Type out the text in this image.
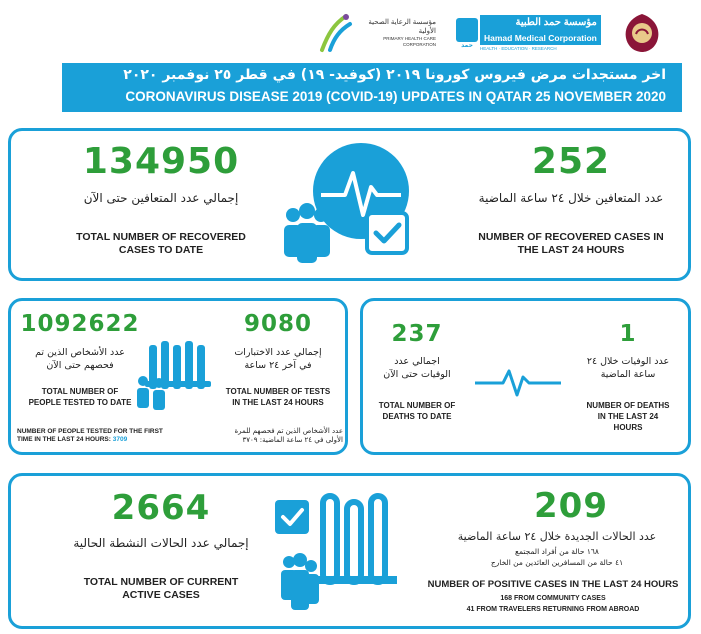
مؤسسة الرعاية الصحية الأولية
PRIMARY HEALTH CARE CORPORATION	حمد
مؤسسة حمد الطبية
Hamad Medical Corporation
HEALTH · EDUCATION · RESEARCH
اخر مستجدات مرض فيروس كورونا ٢٠١٩ (كوفيد- ١٩) في قطر ٢٥ نوفمبر ٢٠٢٠
CORONAVIRUS DISEASE 2019 (COVID-19) UPDATES IN QATAR 25 NOVEMBER 2020
134950
إجمالي عدد المتعافين حتى الآن
TOTAL NUMBER OF RECOVERED
CASES TO DATE
252
عدد المتعافين خلال ٢٤ ساعة الماضية
NUMBER OF RECOVERED CASES IN
THE LAST 24 HOURS
1092622
عدد الأشخاص الذين تم
فحصهم حتى الآن
TOTAL NUMBER OF
PEOPLE TESTED TO DATE
9080
إجمالي عدد الاختبارات
في آخر ٢٤ ساعة
TOTAL NUMBER OF TESTS
IN THE LAST 24 HOURS
NUMBER OF PEOPLE TESTED FOR THE FIRST
TIME IN THE LAST 24 HOURS: 3709
عدد الأشخاص الذين تم فحصهم للمرة
الأولى في ٢٤ ساعة الماضية: ٣٧٠٩
237
اجمالي عدد
الوفيات حتى الآن
TOTAL NUMBER OF
DEATHS TO DATE
1
عدد الوفيات خلال ٢٤
ساعة الماضية
NUMBER OF DEATHS
IN THE LAST 24
HOURS
2664
إجمالي عدد الحالات النشطة الحالية
TOTAL NUMBER OF CURRENT
ACTIVE CASES
209
عدد الحالات الجديدة خلال ٢٤ ساعة الماضية
١٦٨ حالة من أفراد المجتمع
٤١ حالة من المسافرين العائدين من الخارج
NUMBER OF POSITIVE CASES IN THE LAST 24 HOURS
168 FROM COMMUNITY CASES
41 FROM TRAVELERS RETURNING FROM ABROAD
